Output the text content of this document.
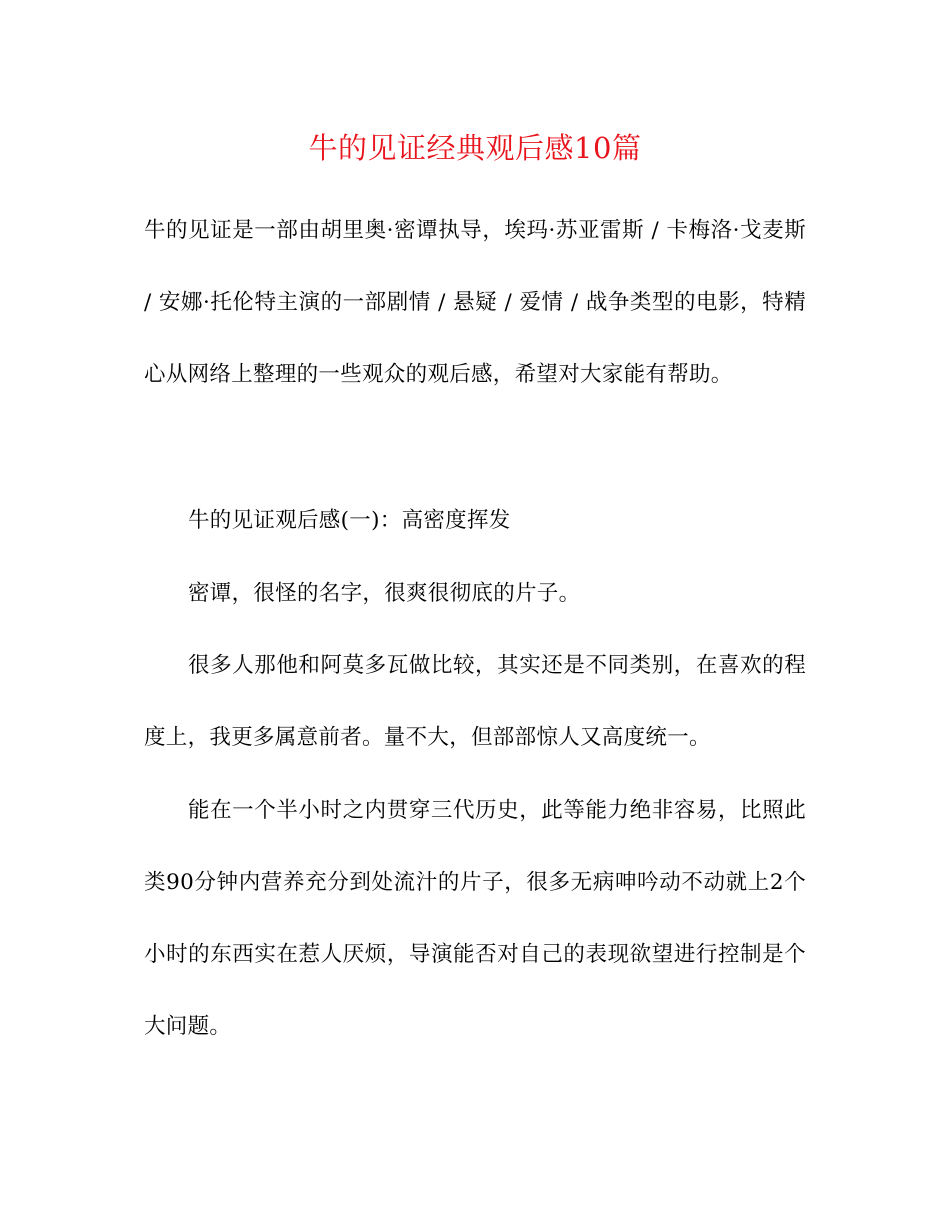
牛的见证经典观后感10篇
牛的见证是一部由胡里奥·密谭执导，埃玛·苏亚雷斯 / 卡梅洛·戈麦斯 / 安娜·托伦特主演的一部剧情 / 悬疑 / 爱情 / 战争类型的电影，特精心从网络上整理的一些观众的观后感，希望对大家能有帮助。
牛的见证观后感(一)：高密度挥发
密谭，很怪的名字，很爽很彻底的片子。
很多人那他和阿莫多瓦做比较，其实还是不同类别，在喜欢的程度上，我更多属意前者。量不大，但部部惊人又高度统一。
能在一个半小时之内贯穿三代历史，此等能力绝非容易，比照此类90分钟内营养充分到处流汁的片子，很多无病呻吟动不动就上2个小时的东西实在惹人厌烦，导演能否对自己的表现欲望进行控制是个大问题。
